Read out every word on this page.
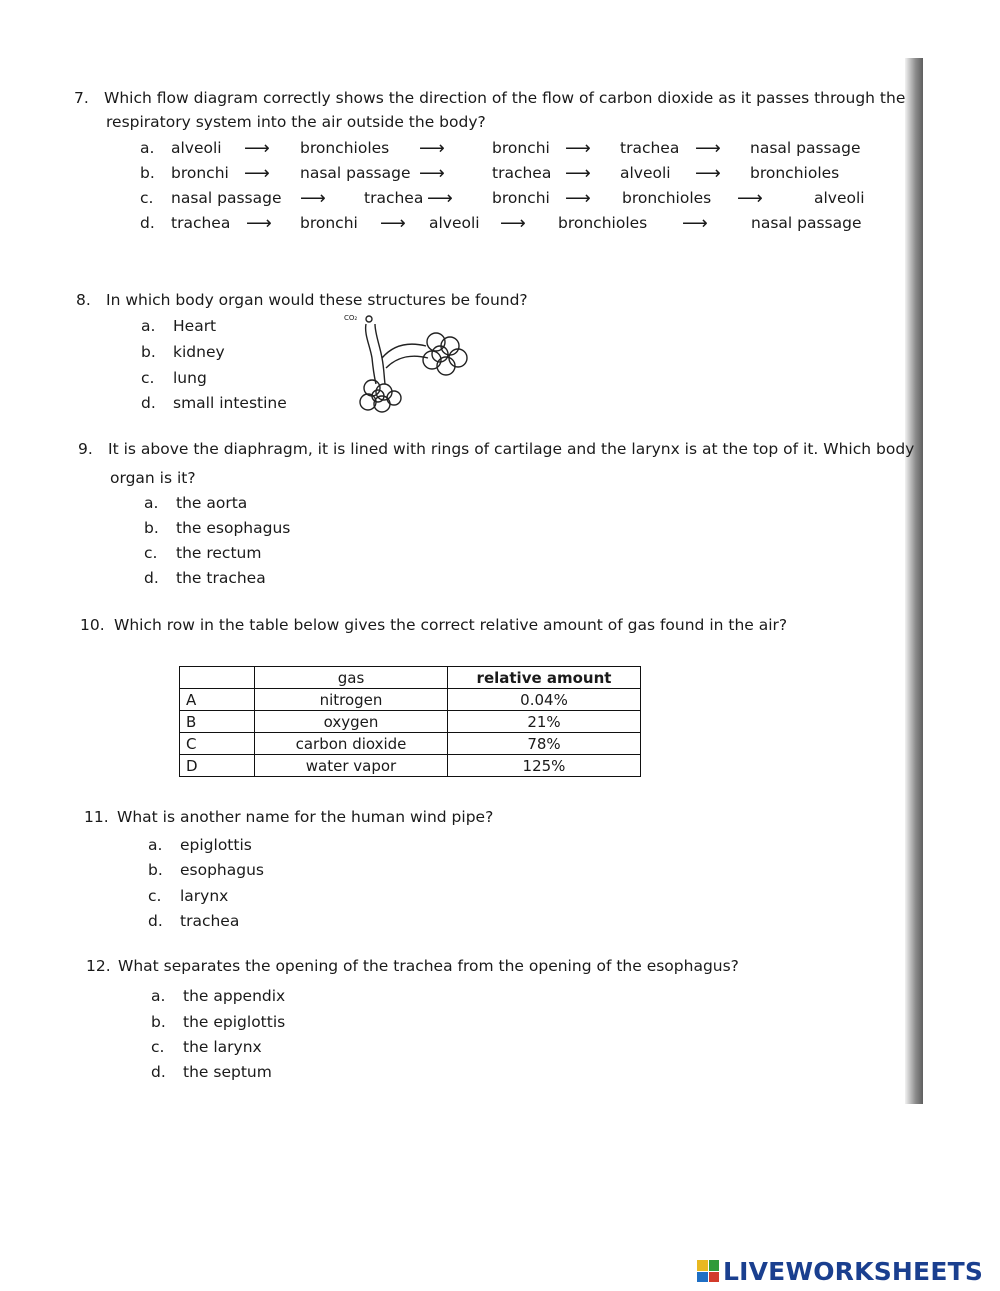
7. Which flow diagram correctly shows the direction of the flow of carbon dioxide as it passes through the
respiratory system into the air outside the body?
a. alveoli ⟶ bronchioles ⟶	bronchi ⟶ trachea ⟶ nasal passage
b. bronchi ⟶ nasal passage ⟶	trachea ⟶ alveoli ⟶ bronchioles
c. nasal passage ⟶ trachea ⟶	bronchi ⟶ bronchioles ⟶	alveoli
d. trachea ⟶ bronchi ⟶ alveoli ⟶ bronchioles ⟶	nasal passage
8. In which body organ would these structures be found?
a. Heart
b. kidney
c. lung
d. small intestine
CO₂
9. It is above the diaphragm, it is lined with rings of cartilage and the larynx is at the top of it. Which body
organ is it?
a. the aorta
b. the esophagus
c. the rectum
d. the trachea
10. Which row in the table below gives the correct relative amount of gas found in the air?
	gas	relative amount
A	nitrogen	0.04%
B	oxygen	21%
C	carbon dioxide	78%
D	water vapor	125%
11. What is another name for the human wind pipe?
a. epiglottis
b. esophagus
c. larynx
d. trachea
12. What separates the opening of the trachea from the opening of the esophagus?
a. the appendix
b. the epiglottis
c. the larynx
d. the septum
LIVEWORKSHEETS
